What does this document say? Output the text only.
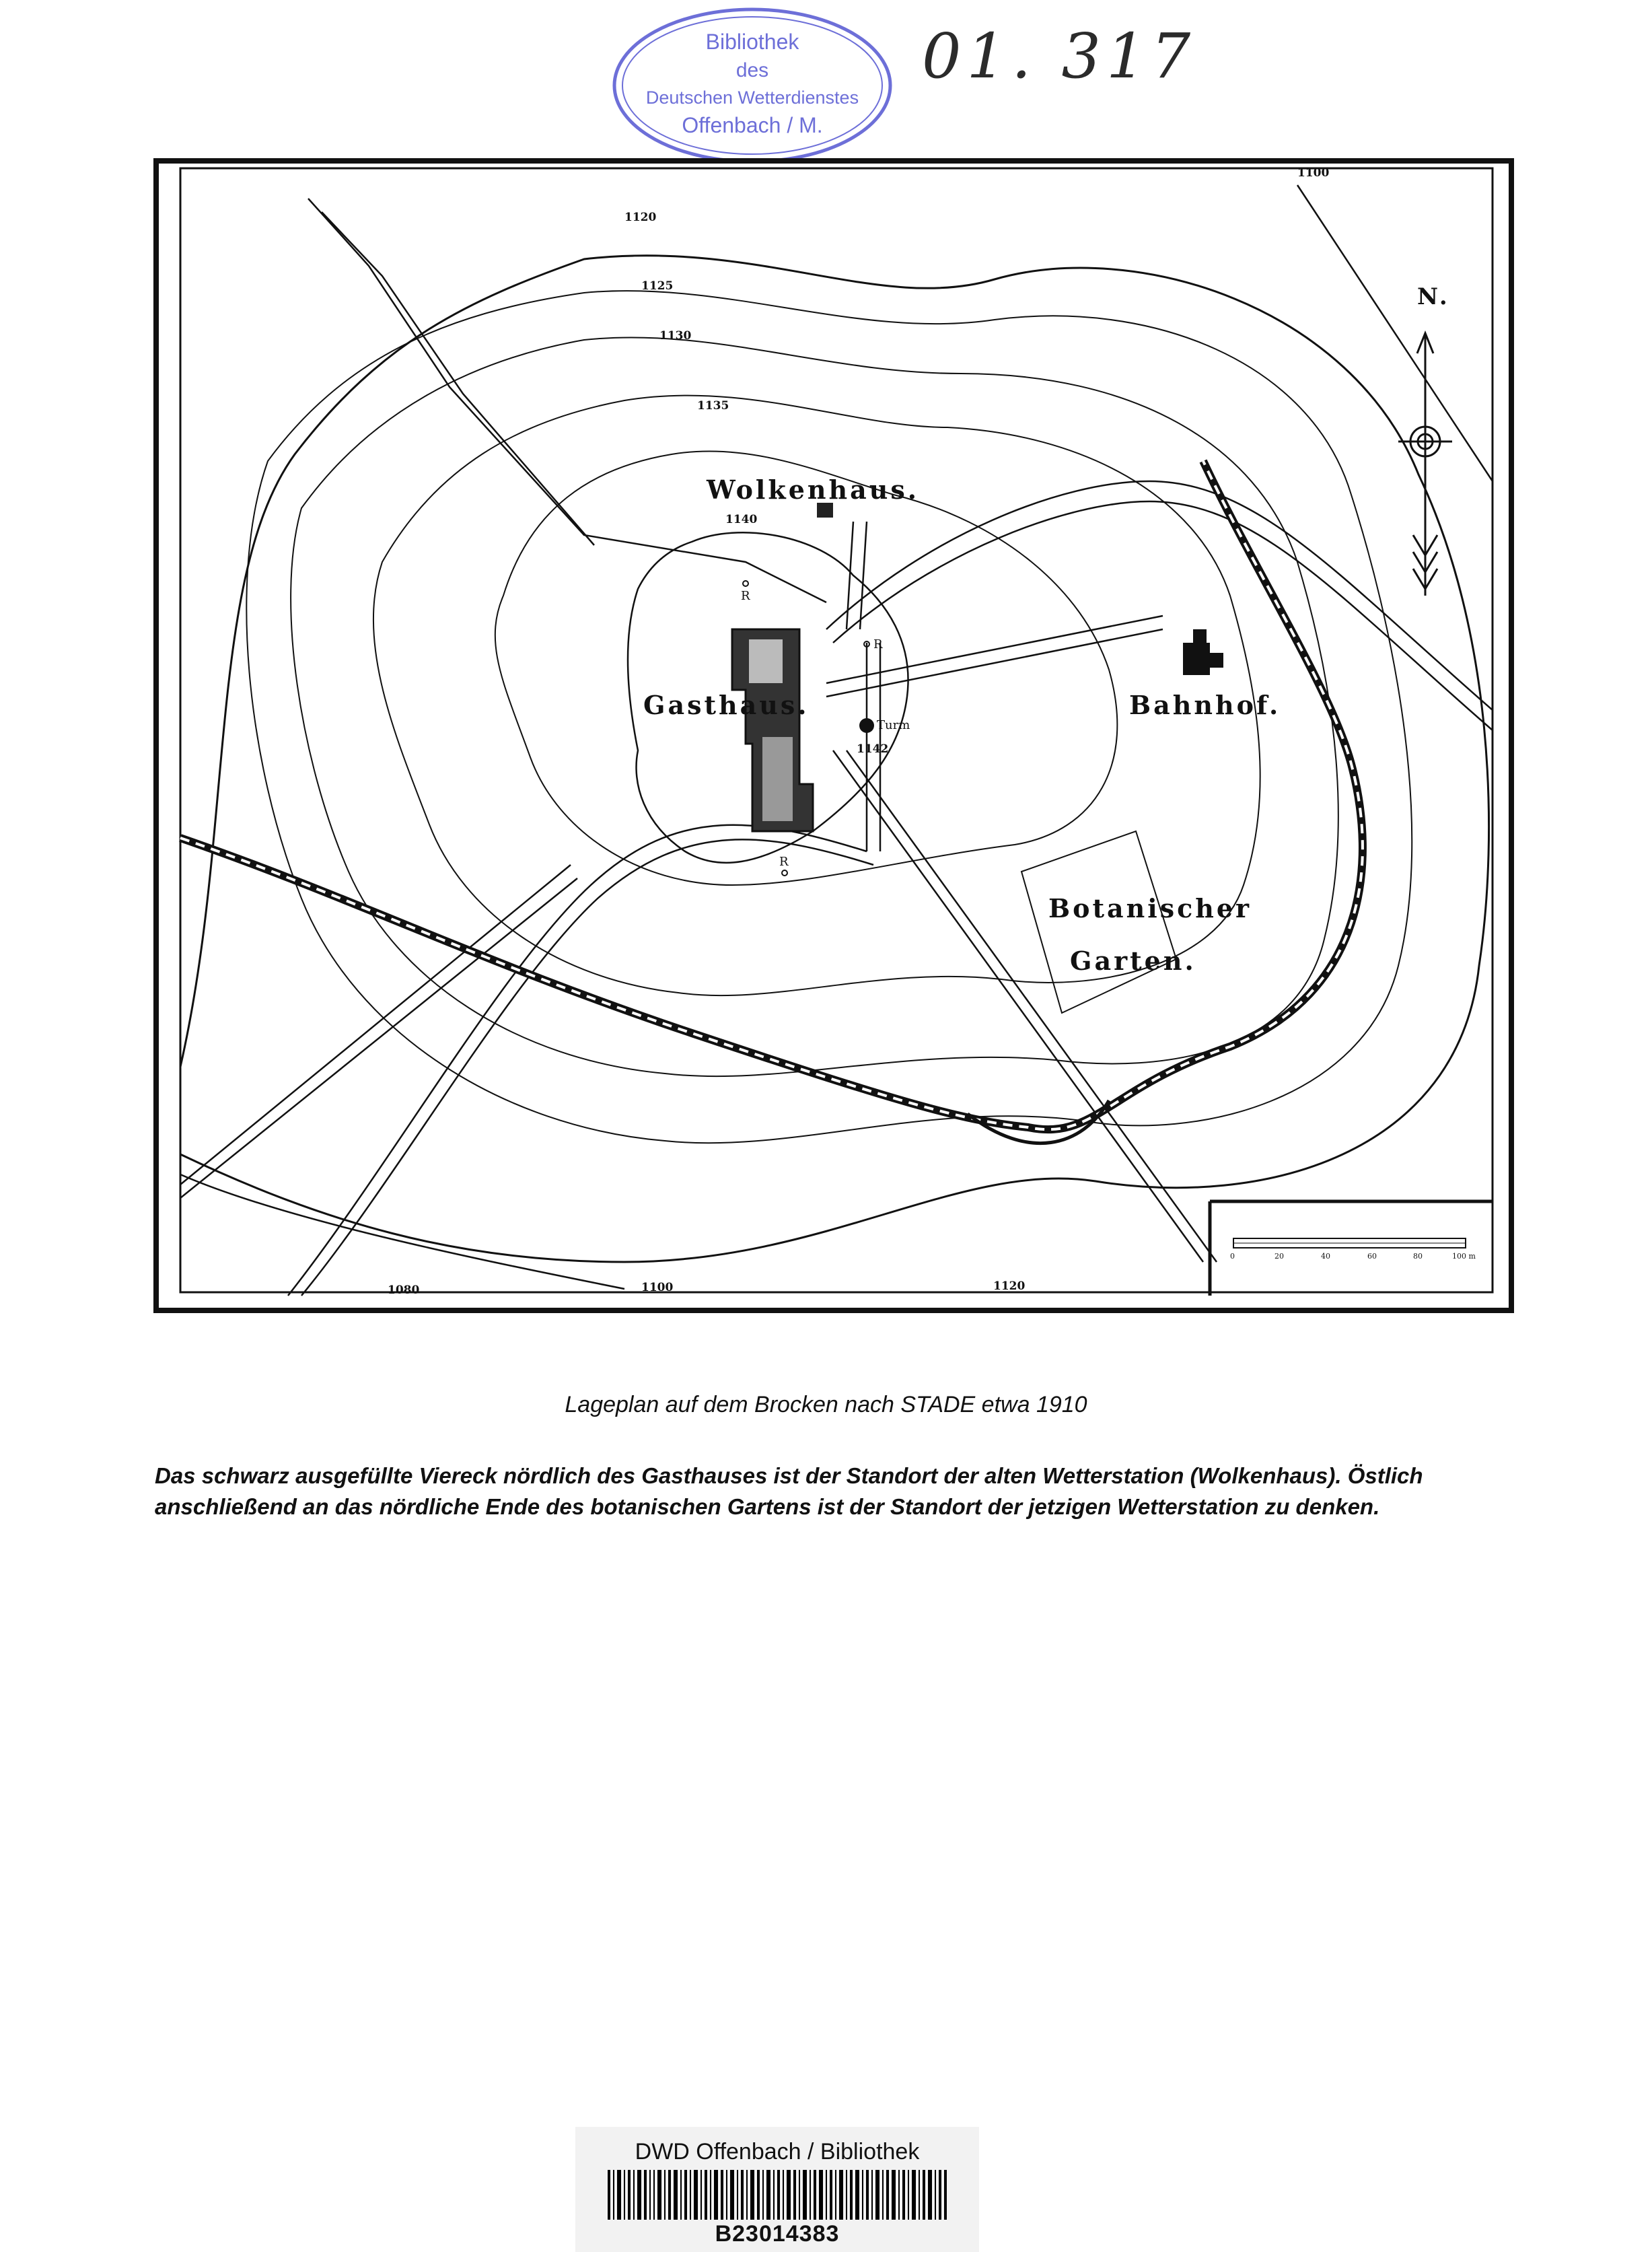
Bibliothek
des
Deutschen Wetterdienstes
Offenbach / M.
01. 317
Wolkenhaus.
Gasthaus.
Turm
Bahnhof.
Botanischer
Garten.
R
R
R
N.
1120
1125
1130
1135
1140
1142
1080	1100	1120
1100
0	20	40	60	80	100 m
Lageplan auf dem Brocken nach STADE etwa 1910
Das schwarz ausgefüllte Viereck nördlich des Gasthauses ist der Standort der alten Wetterstation (Wolkenhaus). Östlich anschließend an das nördliche Ende des botanischen Gartens ist der Standort der jetzigen Wetterstation zu denken.
DWD Offenbach / Bibliothek
B23014383
